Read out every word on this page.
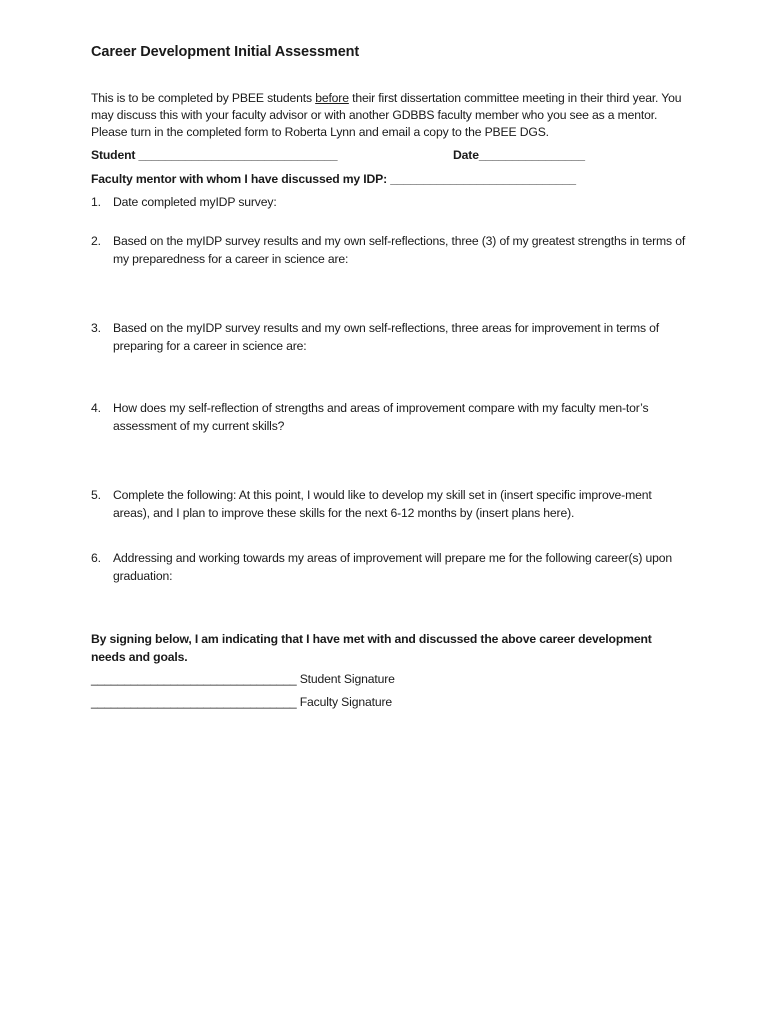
Career Development Initial Assessment
This is to be completed by PBEE students before their first dissertation committee meeting in their third year. You may discuss this with your faculty advisor or with another GDBBS faculty member who you see as a mentor. Please turn in the completed form to Roberta Lynn and email a copy to the PBEE DGS.
Student ______________________________	Date________________
Faculty mentor with whom I have discussed my IDP: ____________________________
1. Date completed myIDP survey:
2. Based on the myIDP survey results and my own self-reflections, three (3) of my greatest strengths in terms of my preparedness for a career in science are:
3. Based on the myIDP survey results and my own self-reflections, three areas for improvement in terms of preparing for a career in science are:
4. How does my self-reflection of strengths and areas of improvement compare with my faculty men-tor’s assessment of my current skills?
5. Complete the following: At this point, I would like to develop my skill set in (insert specific improve-ment areas), and I plan to improve these skills for the next 6-12 months by (insert plans here).
6. Addressing and working towards my areas of improvement will prepare me for the following career(s) upon graduation:
By signing below, I am indicating that I have met with and discussed the above career development needs and goals.
_______________________________ Student Signature
_______________________________ Faculty Signature
